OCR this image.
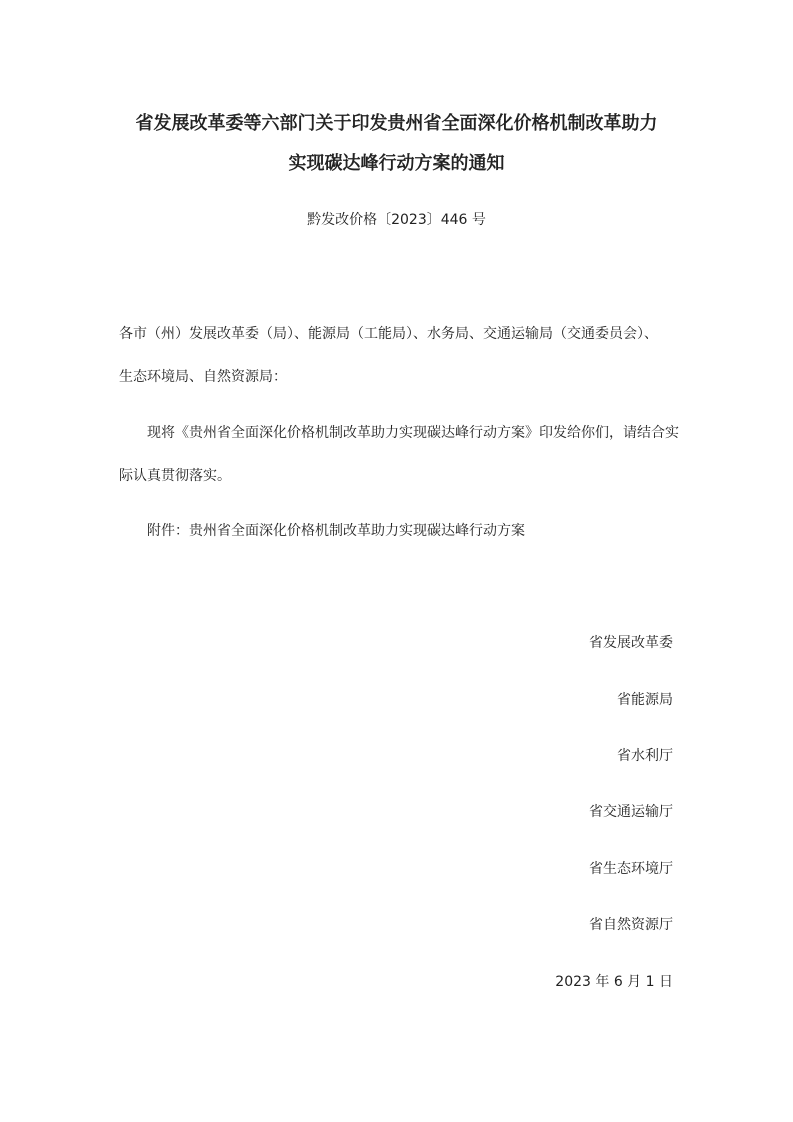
省发展改革委等六部门关于印发贵州省全面深化价格机制改革助力
实现碳达峰行动方案的通知
黔发改价格〔2023〕446 号
各市（州）发展改革委（局）、能源局（工能局）、水务局、交通运输局（交通委员会）、
生态环境局、自然资源局：
现将《贵州省全面深化价格机制改革助力实现碳达峰行动方案》印发给你们，请结合实
际认真贯彻落实。
附件：贵州省全面深化价格机制改革助力实现碳达峰行动方案
省发展改革委
省能源局
省水利厅
省交通运输厅
省生态环境厅
省自然资源厅
2023 年 6 月 1 日
